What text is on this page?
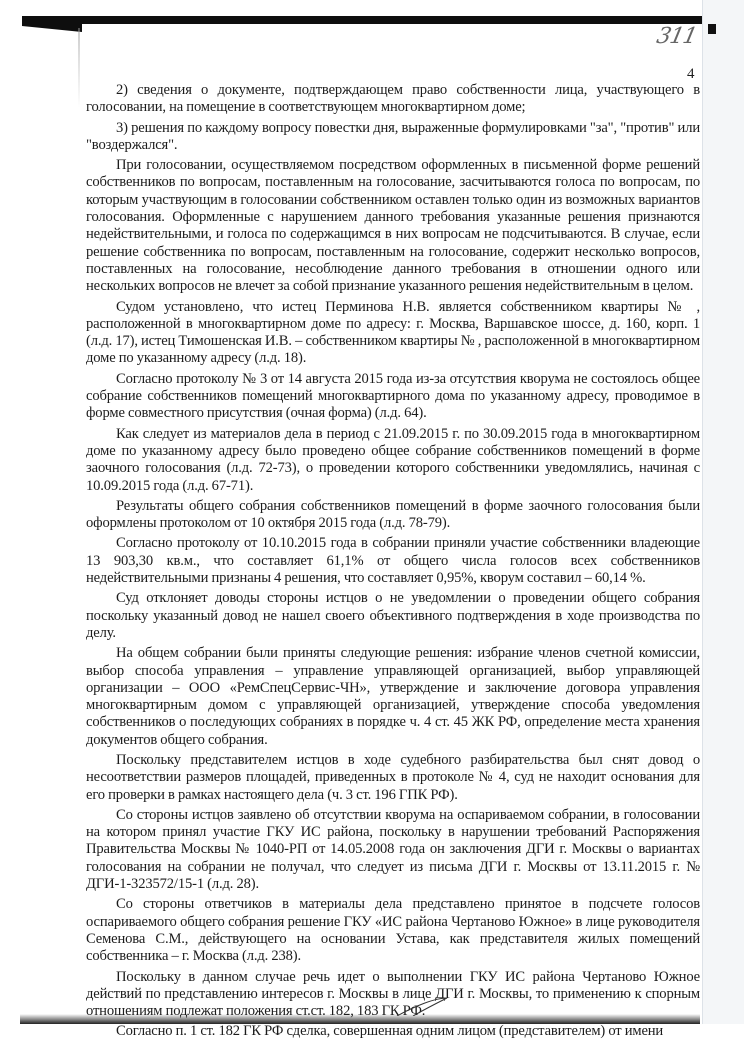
311
4

2) сведения о документе, подтверждающем право собственности лица, участвующего в голосовании, на помещение в соответствующем многоквартирном доме;

3) решения по каждому вопросу повестки дня, выраженные формулировками "за", "против" или "воздержался".

При голосовании, осуществляемом посредством оформленных в письменной форме решений собственников по вопросам, поставленным на голосование, засчитываются голоса по вопросам, по которым участвующим в голосовании собственником оставлен только один из возможных вариантов голосования. Оформленные с нарушением данного требования указанные решения признаются недействительными, и голоса по содержащимся в них вопросам не подсчитываются. В случае, если решение собственника по вопросам, поставленным на голосование, содержит несколько вопросов, поставленных на голосование, несоблюдение данного требования в отношении одного или нескольких вопросов не влечет за собой признание указанного решения недействительным в целом.

Судом установлено, что истец Перминова Н.В. является собственником квартиры № , расположенной в многоквартирном доме по адресу: г. Москва, Варшавское шоссе, д. 160, корп. 1 (л.д. 17), истец Тимошенская И.В. – собственником квартиры № , расположенной в многоквартирном доме по указанному адресу (л.д. 18).

Согласно протоколу № 3 от 14 августа 2015 года из-за отсутствия кворума не состоялось общее собрание собственников помещений многоквартирного дома по указанному адресу, проводимое в форме совместного присутствия (очная форма) (л.д. 64).

Как следует из материалов дела в период с 21.09.2015 г. по 30.09.2015 года в многоквартирном доме по указанному адресу было проведено общее собрание собственников помещений в форме заочного голосования (л.д. 72-73), о проведении которого собственники уведомлялись, начиная с 10.09.2015 года (л.д. 67-71).

Результаты общего собрания собственников помещений в форме заочного голосования были оформлены протоколом от 10 октября 2015 года (л.д. 78-79).

Согласно протоколу от 10.10.2015 года в собрании приняли участие собственники владеющие 13 903,30 кв.м., что составляет 61,1% от общего числа голосов всех собственников недействительными признаны 4 решения, что составляет 0,95%, кворум составил – 60,14 %.

Суд отклоняет доводы стороны истцов о не уведомлении о проведении общего собрания поскольку указанный довод не нашел своего объективного подтверждения в ходе производства по делу.

На общем собрании были приняты следующие решения: избрание членов счетной комиссии, выбор способа управления – управление управляющей организацией, выбор управляющей организации – ООО «РемСпецСервис-ЧН», утверждение и заключение договора управления многоквартирным домом с управляющей организацией, утверждение способа уведомления собственников о последующих собраниях в порядке ч. 4 ст. 45 ЖК РФ, определение места хранения документов общего собрания.

Поскольку представителем истцов в ходе судебного разбирательства был снят довод о несоответствии размеров площадей, приведенных в протоколе № 4, суд не находит основания для его проверки в рамках настоящего дела (ч. 3 ст. 196 ГПК РФ).

Со стороны истцов заявлено об отсутствии кворума на оспариваемом собрании, в голосовании на котором принял участие ГКУ ИС района, поскольку в нарушении требований Распоряжения Правительства Москвы № 1040-РП от 14.05.2008 года он заключения ДГИ г. Москвы о вариантах голосования на собрании не получал, что следует из письма ДГИ г. Москвы от 13.11.2015 г. № ДГИ-1-323572/15-1 (л.д. 28).

Со стороны ответчиков в материалы дела представлено принятое в подсчете голосов оспариваемого общего собрания решение ГКУ «ИС района Чертаново Южное» в лице руководителя Семенова С.М., действующего на основании Устава, как представителя жилых помещений собственника – г. Москва (л.д. 238).

Поскольку в данном случае речь идет о выполнении ГКУ ИС района Чертаново Южное действий по представлению интересов г. Москвы в лице ДГИ г. Москвы, то применению к спорным отношениям подлежат положения ст.ст. 182, 183 ГК РФ.

Согласно п. 1 ст. 182 ГК РФ сделка, совершенная одним лицом (представителем) от имени
